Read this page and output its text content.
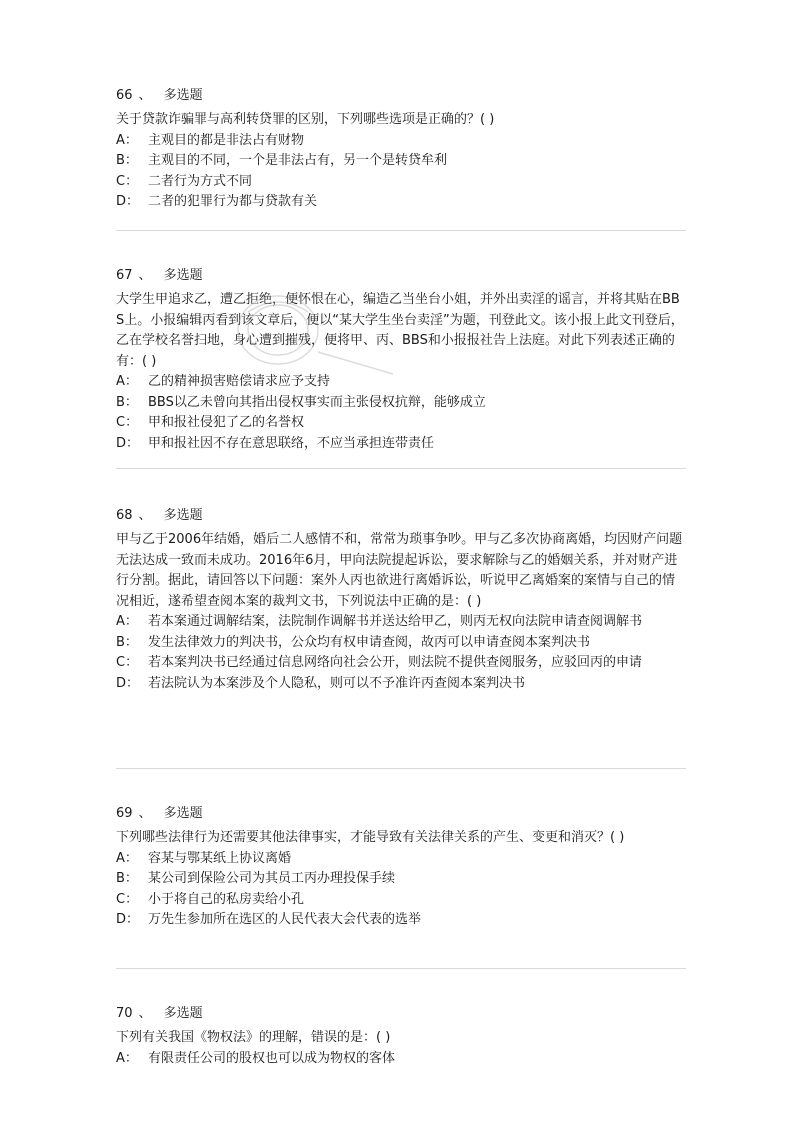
66 、 多选题

关于贷款诈骗罪与高利转贷罪的区别，下列哪些选项是正确的？( )

A： 主观目的都是非法占有财物

B： 主观目的不同，一个是非法占有，另一个是转贷牟利

C： 二者行为方式不同

D： 二者的犯罪行为都与贷款有关

67 、 多选题

大学生甲追求乙，遭乙拒绝，便怀恨在心，编造乙当坐台小姐，并外出卖淫的谣言，并将其贴在BBS上。小报编辑丙看到该文章后，便以“某大学生坐台卖淫”为题，刊登此文。该小报上此文刊登后，乙在学校名誉扫地，身心遭到摧残，便将甲、丙、BBS和小报报社告上法庭。对此下列表述正确的有：( )

A： 乙的精神损害赔偿请求应予支持

B： BBS以乙未曾向其指出侵权事实而主张侵权抗辩，能够成立

C： 甲和报社侵犯了乙的名誉权

D： 甲和报社因不存在意思联络，不应当承担连带责任

68 、 多选题

甲与乙于2006年结婚，婚后二人感情不和，常常为琐事争吵。甲与乙多次协商离婚，均因财产问题无法达成一致而未成功。2016年6月，甲向法院提起诉讼，要求解除与乙的婚姻关系，并对财产进行分割。据此，请回答以下问题：案外人丙也欲进行离婚诉讼，听说甲乙离婚案的案情与自己的情况相近，遂希望查阅本案的裁判文书，下列说法中正确的是：( )

A： 若本案通过调解结案，法院制作调解书并送达给甲乙，则丙无权向法院申请查阅调解书

B： 发生法律效力的判决书，公众均有权申请查阅，故丙可以申请查阅本案判决书

C： 若本案判决书已经通过信息网络向社会公开，则法院不提供查阅服务，应驳回丙的申请

D： 若法院认为本案涉及个人隐私，则可以不予准许丙查阅本案判决书

69 、 多选题

下列哪些法律行为还需要其他法律事实，才能导致有关法律关系的产生、变更和消灭？( )

A： 容某与鄂某纸上协议离婚

B： 某公司到保险公司为其员工丙办理投保手续

C： 小于将自己的私房卖给小孔

D： 万先生参加所在选区的人民代表大会代表的选举

70 、 多选题

下列有关我国《物权法》的理解，错误的是：( )

A： 有限责任公司的股权也可以成为物权的客体
